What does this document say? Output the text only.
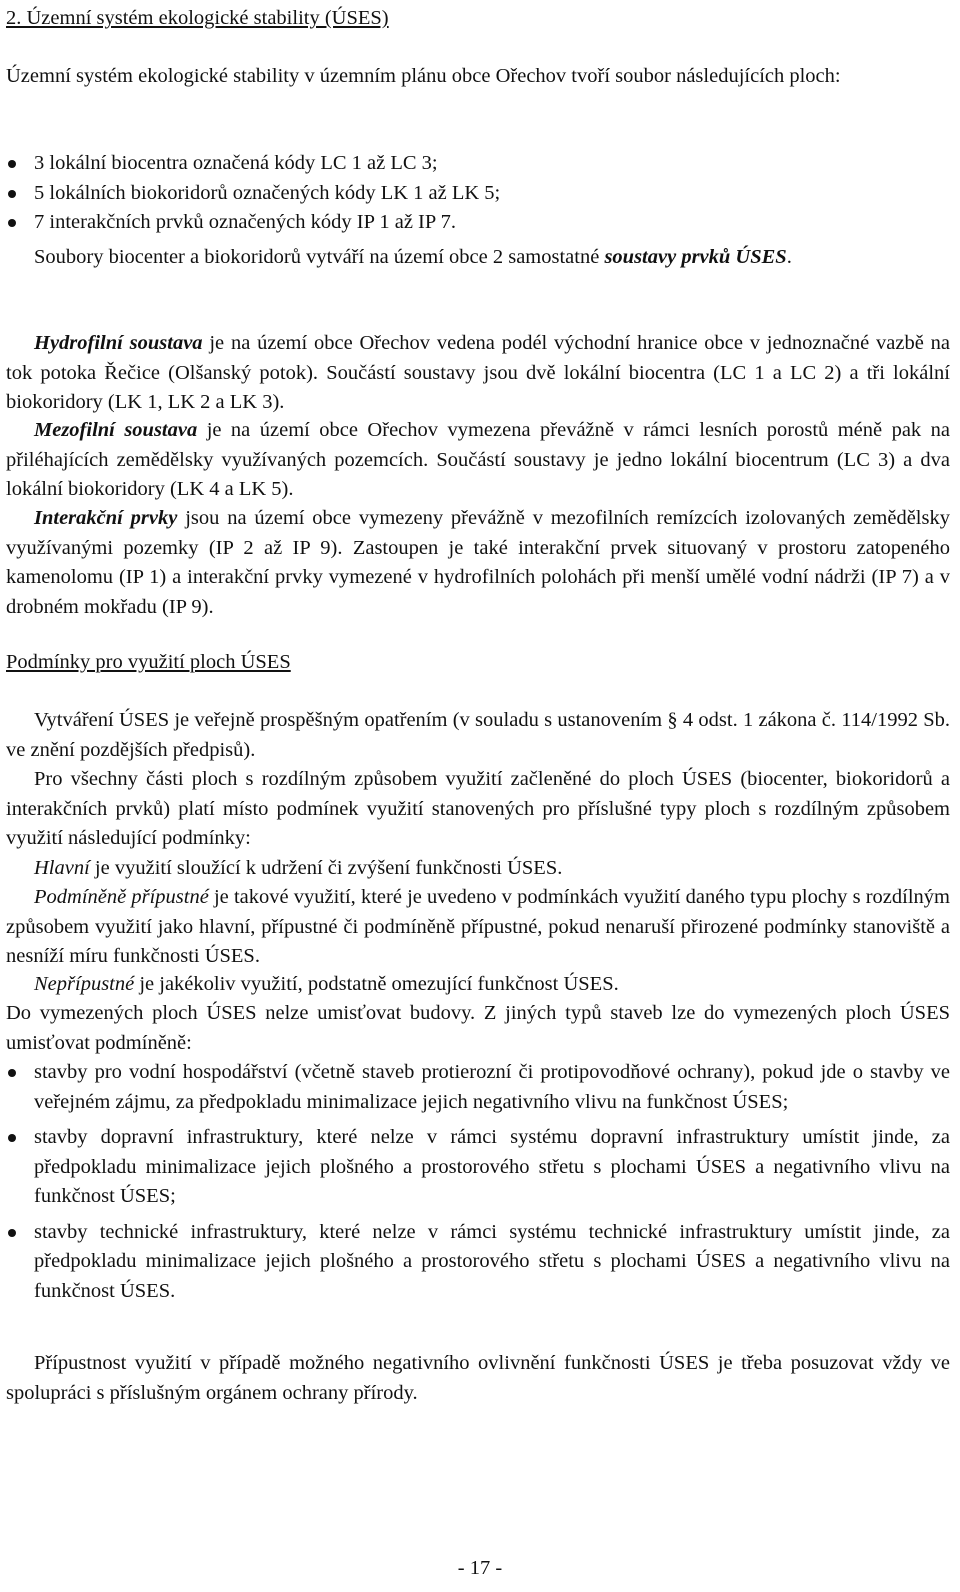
2. Územní systém ekologické stability (ÚSES)
Územní systém ekologické stability v územním plánu obce Ořechov tvoří soubor následujících ploch:
3 lokální biocentra označená kódy LC 1 až LC 3;
5 lokálních biokoridorů označených kódy LK 1 až LK 5;
7 interakčních prvků označených kódy IP 1 až IP 7.
Soubory biocenter a biokoridorů vytváří na území obce 2 samostatné soustavy prvků ÚSES.
Hydrofilní soustava je na území obce Ořechov vedena podél východní hranice obce v jednoznačné vazbě na tok potoka Řečice (Olšanský potok). Součástí soustavy jsou dvě lokální biocentra (LC 1 a LC 2) a tři lokální biokoridory (LK 1, LK 2 a LK 3).
Mezofilní soustava je na území obce Ořechov vymezena převážně v rámci lesních porostů méně pak na přiléhajících zemědělsky využívaných pozemcích. Součástí soustavy je jedno lokální biocentrum (LC 3) a dva lokální biokoridory (LK 4 a LK 5).
Interakční prvky jsou na území obce vymezeny převážně v mezofilních remízcích izolovaných zemědělsky využívanými pozemky (IP 2 až IP 9). Zastoupen je také interakční prvek situovaný v prostoru zatopeného kamenolomu (IP 1) a interakční prvky vymezené v hydrofilních polohách při menší umělé vodní nádrži (IP 7) a v drobném mokřadu (IP 9).
Podmínky pro využití ploch ÚSES
Vytváření ÚSES je veřejně prospěšným opatřením (v souladu s ustanovením § 4 odst. 1 zákona č. 114/1992 Sb. ve znění pozdějších předpisů).
Pro všechny části ploch s rozdílným způsobem využití začleněné do ploch ÚSES (biocenter, biokoridorů a interakčních prvků) platí místo podmínek využití stanovených pro příslušné typy ploch s rozdílným způsobem využití následující podmínky:
Hlavní je využití sloužící k udržení či zvýšení funkčnosti ÚSES.
Podmíněně přípustné je takové využití, které je uvedeno v podmínkách využití daného typu plochy s rozdílným způsobem využití jako hlavní, přípustné či podmíněně přípustné, pokud nenaruší přirozené podmínky stanoviště a nesníží míru funkčnosti ÚSES.
Nepřípustné je jakékoliv využití, podstatně omezující funkčnost ÚSES.
Do vymezených ploch ÚSES nelze umisťovat budovy. Z jiných typů staveb lze do vymezených ploch ÚSES umisťovat podmíněně:
stavby pro vodní hospodářství (včetně staveb protierozní či protipovodňové ochrany), pokud jde o stavby ve veřejném zájmu, za předpokladu minimalizace jejich negativního vlivu na funkčnost ÚSES;
stavby dopravní infrastruktury, které nelze v rámci systému dopravní infrastruktury umístit jinde, za předpokladu minimalizace jejich plošného a prostorového střetu s plochami ÚSES a negativního vlivu na funkčnost ÚSES;
stavby technické infrastruktury, které nelze v rámci systému technické infrastruktury umístit jinde, za předpokladu minimalizace jejich plošného a prostorového střetu s plochami ÚSES a negativního vlivu na funkčnost ÚSES.
Přípustnost využití v případě možného negativního ovlivnění funkčnosti ÚSES je třeba posuzovat vždy ve spolupráci s příslušným orgánem ochrany přírody.
- 17 -
